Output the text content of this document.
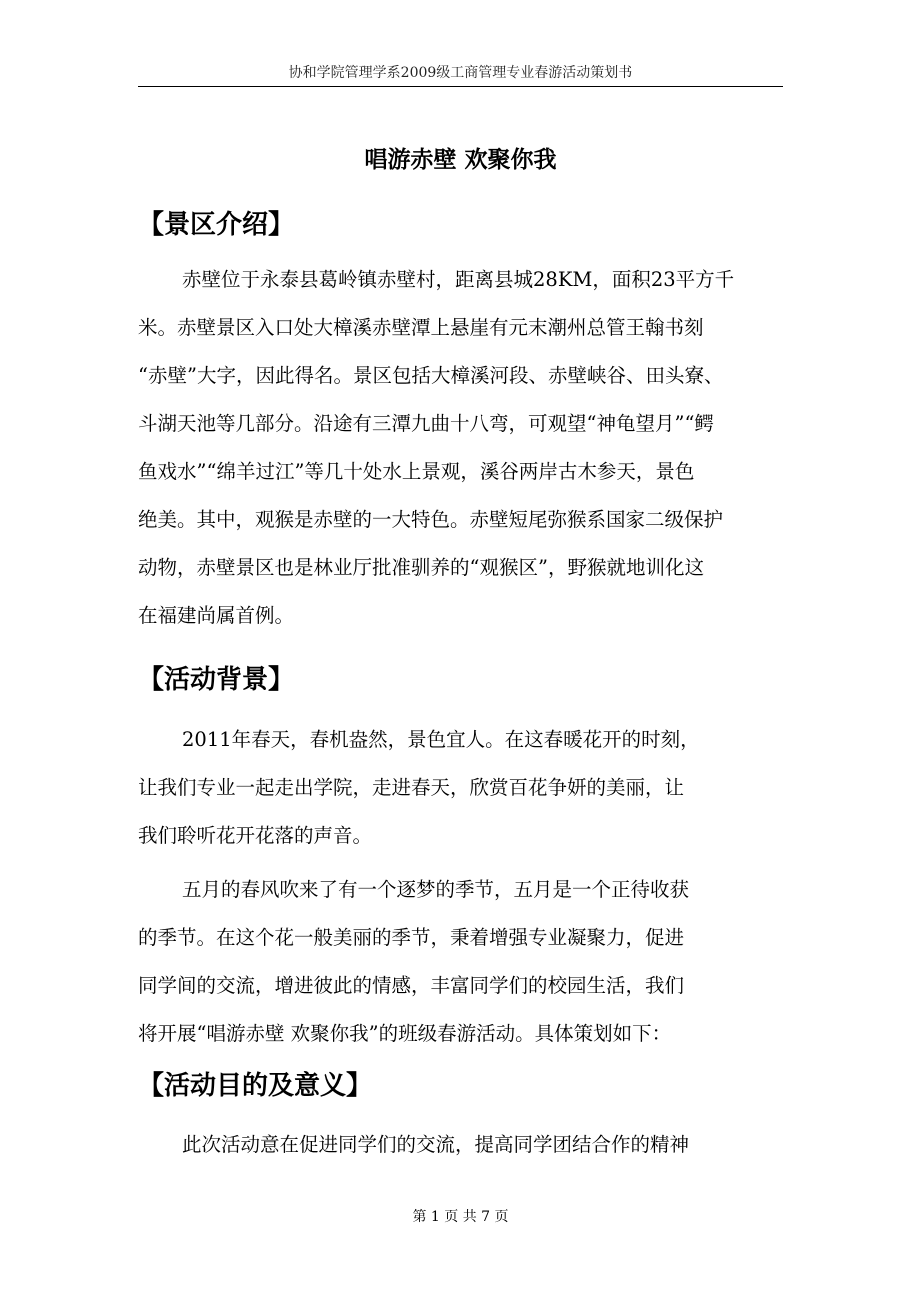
协和学院管理学系2009级工商管理专业春游活动策划书
唱游赤壁 欢聚你我
【景区介绍】
赤壁位于永泰县葛岭镇赤壁村，距离县城28KM，面积23平方千
米。赤壁景区入口处大樟溪赤壁潭上悬崖有元末潮州总管王翰书刻
“赤壁”大字，因此得名。景区包括大樟溪河段、赤壁峡谷、田头寮、
斗湖天池等几部分。沿途有三潭九曲十八弯，可观望“神龟望月”“鳄
鱼戏水”“绵羊过江”等几十处水上景观，溪谷两岸古木参天，景色
绝美。其中，观猴是赤壁的一大特色。赤壁短尾弥猴系国家二级保护
动物，赤壁景区也是林业厅批准驯养的“观猴区”，野猴就地训化这
在福建尚属首例。
【活动背景】
2011年春天，春机盎然，景色宜人。在这春暖花开的时刻，
让我们专业一起走出学院，走进春天，欣赏百花争妍的美丽，让
我们聆听花开花落的声音。
五月的春风吹来了有一个逐梦的季节，五月是一个正待收获
的季节。在这个花一般美丽的季节，秉着增强专业凝聚力，促进
同学间的交流，增进彼此的情感，丰富同学们的校园生活，我们
将开展“唱游赤壁 欢聚你我”的班级春游活动。具体策划如下：
【活动目的及意义】
此次活动意在促进同学们的交流，提高同学团结合作的精神
第 1 页 共 7 页
